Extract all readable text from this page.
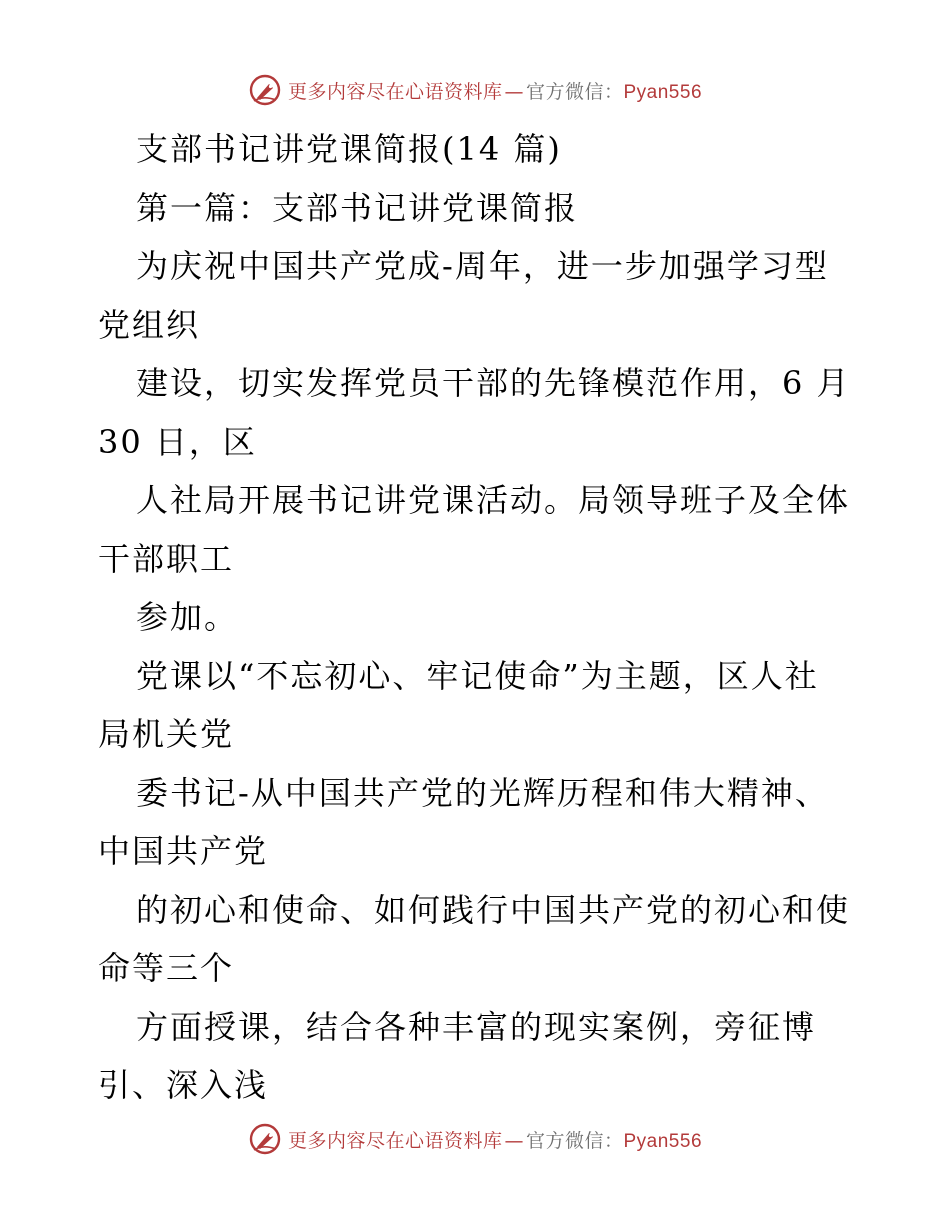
更多内容尽在心语资料库 — 官方微信：Pyan556
支部书记讲党课简报(14 篇)
第一篇：支部书记讲党课简报
为庆祝中国共产党成-周年，进一步加强学习型
党组织
建设，切实发挥党员干部的先锋模范作用，6 月
30 日，区
人社局开展书记讲党课活动。局领导班子及全体
干部职工
参加。
党课以“不忘初心、牢记使命”为主题，区人社
局机关党
委书记-从中国共产党的光辉历程和伟大精神、
中国共产党
的初心和使命、如何践行中国共产党的初心和使
命等三个
方面授课，结合各种丰富的现实案例，旁征博
引、深入浅
更多内容尽在心语资料库 — 官方微信：Pyan556
